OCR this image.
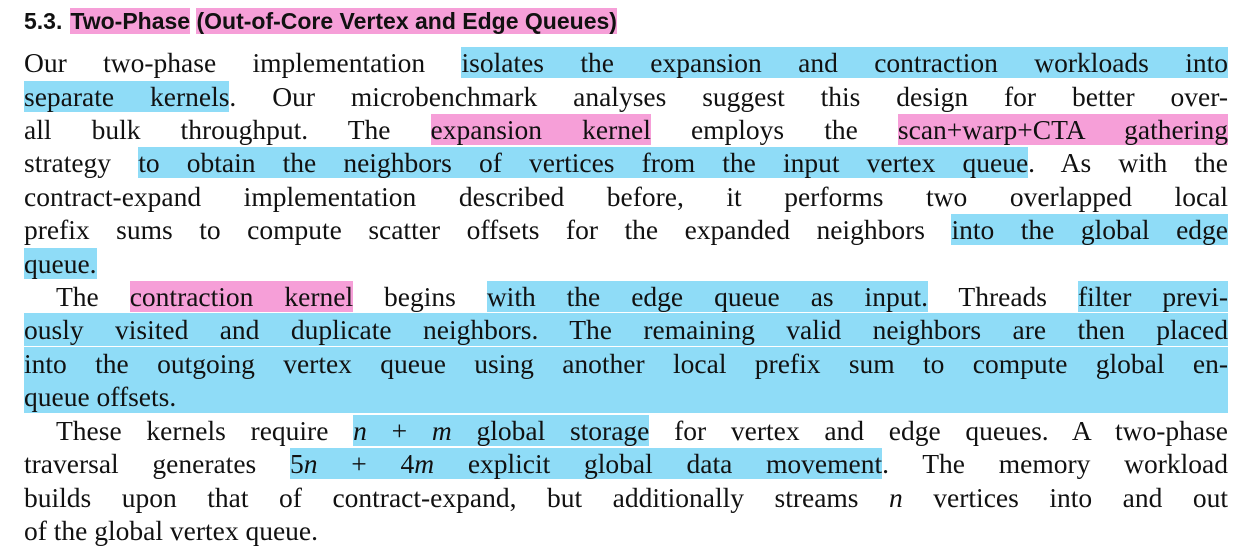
5.3. Two-Phase (Out-of-Core Vertex and Edge Queues)
Our two-phase implementation isolates the expansion and contraction workloads into
separate kernels. Our microbenchmark analyses suggest this design for better over-
all bulk throughput. The expansion kernel employs the scan+warp+CTA gathering
strategy to obtain the neighbors of vertices from the input vertex queue. As with the
contract-expand implementation described before, it performs two overlapped local
prefix sums to compute scatter offsets for the expanded neighbors into the global edge
queue.
The contraction kernel begins with the edge queue as input. Threads filter previ-
ously visited and duplicate neighbors. The remaining valid neighbors are then placed
into the outgoing vertex queue using another local prefix sum to compute global en-
queue offsets.
These kernels require n + m global storage for vertex and edge queues. A two-phase
traversal generates 5n + 4m explicit global data movement. The memory workload
builds upon that of contract-expand, but additionally streams n vertices into and out
of the global vertex queue.
